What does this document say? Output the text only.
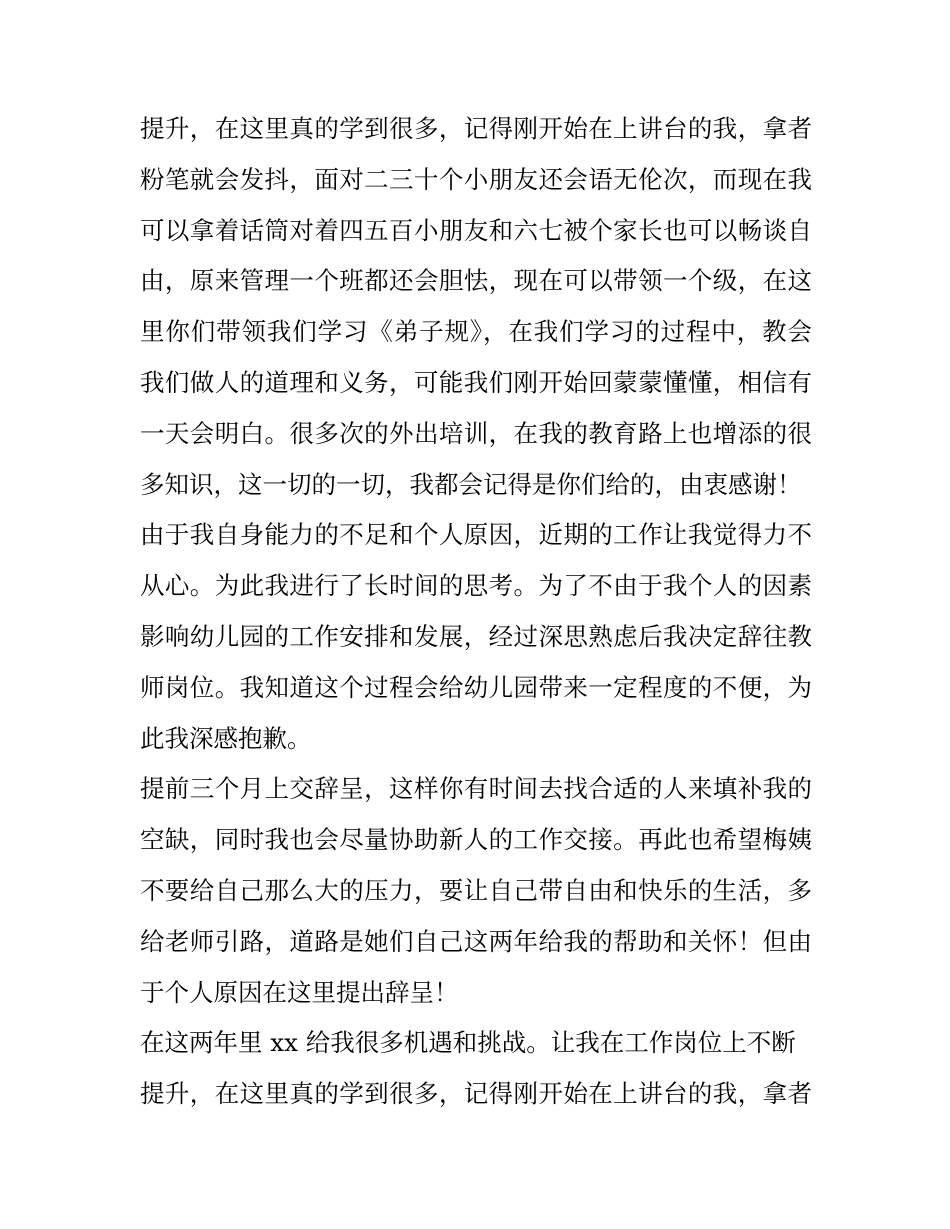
提升，在这里真的学到很多，记得刚开始在上讲台的我，拿者
粉笔就会发抖，面对二三十个小朋友还会语无伦次，而现在我
可以拿着话筒对着四五百小朋友和六七被个家长也可以畅谈自
由，原来管理一个班都还会胆怯，现在可以带领一个级，在这
里你们带领我们学习《弟子规》，在我们学习的过程中，教会
我们做人的道理和义务，可能我们刚开始回蒙蒙懂懂，相信有
一天会明白。很多次的外出培训，在我的教育路上也增添的很
多知识，这一切的一切，我都会记得是你们给的，由衷感谢！
由于我自身能力的不足和个人原因，近期的工作让我觉得力不
从心。为此我进行了长时间的思考。为了不由于我个人的因素
影响幼儿园的工作安排和发展，经过深思熟虑后我决定辞往教
师岗位。我知道这个过程会给幼儿园带来一定程度的不便，为
此我深感抱歉。
提前三个月上交辞呈，这样你有时间去找合适的人来填补我的
空缺，同时我也会尽量协助新人的工作交接。再此也希望梅姨
不要给自己那么大的压力，要让自己带自由和快乐的生活，多
给老师引路，道路是她们自己这两年给我的帮助和关怀！但由
于个人原因在这里提出辞呈！
在这两年里 xx 给我很多机遇和挑战。让我在工作岗位上不断
提升，在这里真的学到很多，记得刚开始在上讲台的我，拿者
